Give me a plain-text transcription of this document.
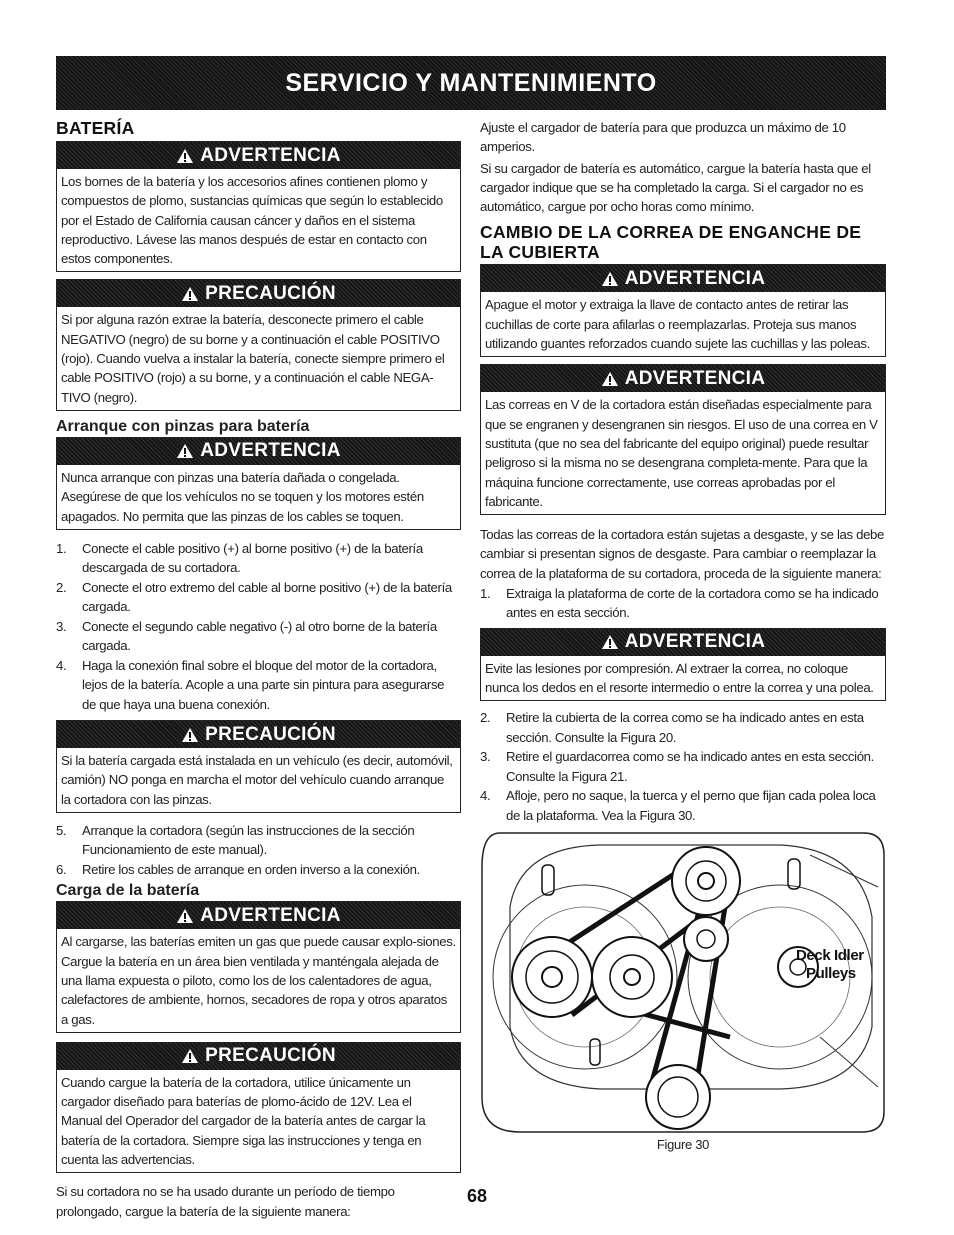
SERVICIO Y MANTENIMIENTO
BATERÍA
ADVERTENCIA
Los bornes de la batería y los accesorios afines contienen plomo y compuestos de plomo, sustancias químicas que según lo establecido por el Estado de California causan cáncer y daños en el sistema reproductivo. Lávese las manos después de estar en contacto con estos componentes.
PRECAUCIÓN
Si por alguna razón extrae la batería, desconecte primero el cable NEGATIVO (negro) de su borne y a continuación el cable POSITIVO (rojo). Cuando vuelva a instalar la batería, conecte siempre primero el cable POSITIVO (rojo) a su borne, y a continuación el cable NEGA-TIVO (negro).
Arranque con pinzas para batería
ADVERTENCIA
Nunca arranque con pinzas una batería dañada o congelada. Asegúrese de que los vehículos no se toquen y los motores estén apagados. No permita que las pinzas de los cables se toquen.
1.	Conecte el cable positivo (+) al borne positivo (+) de la batería descargada de su cortadora.
2.	Conecte el otro extremo del cable al borne positivo (+) de la batería cargada.
3.	Conecte el segundo cable negativo (-) al otro borne de la batería cargada.
4.	Haga la conexión final sobre el bloque del motor de la cortadora, lejos de la batería. Acople a una parte sin pintura para asegurarse de que haya una buena conexión.
PRECAUCIÓN
Si la batería cargada está instalada en un vehículo (es decir, automóvil, camión) NO ponga en marcha el motor del vehículo cuando arranque la cortadora con las pinzas.
5.	Arranque la cortadora (según las instrucciones de la sección Funcionamiento de este manual).
6.	Retire los cables de arranque en orden inverso a la conexión.
Carga de la batería
ADVERTENCIA
Al cargarse, las baterías emiten un gas que puede causar explo-siones. Cargue la batería en un área bien ventilada y manténgala alejada de una llama expuesta o piloto, como los de los calentadores de agua, calefactores de ambiente, hornos, secadores de ropa y otros aparatos a gas.
PRECAUCIÓN
Cuando cargue la batería de la cortadora, utilice únicamente un cargador diseñado para baterías de plomo-ácido de 12V. Lea el Manual del Operador del cargador de la batería antes de cargar la batería de la cortadora. Siempre siga las instrucciones y tenga en cuenta las advertencias.
Si su cortadora no se ha usado durante un período de tiempo prolongado, cargue la batería de la siguiente manera:
Ajuste el cargador de batería para que produzca un máximo de 10 amperios.
Si su cargador de batería es automático, cargue la batería hasta que el cargador indique que se ha completado la carga. Si el cargador no es automático, cargue por ocho horas como mínimo.
CAMBIO DE LA CORREA DE ENGANCHE DE LA CUBIERTA
ADVERTENCIA
Apague el motor y extraiga la llave de contacto antes de retirar las cuchillas de corte para afilarlas o reemplazarlas. Proteja sus manos utilizando guantes reforzados cuando sujete las cuchillas y las poleas.
ADVERTENCIA
Las correas en V de la cortadora están diseñadas especialmente para que se engranen y desengranen sin riesgos. El uso de una correa en V sustituta (que no sea del fabricante del equipo original) puede resultar peligroso si la misma no se desengrana completa-mente. Para que la máquina funcione correctamente, use correas aprobadas por el fabricante.
Todas las correas de la cortadora están sujetas a desgaste, y se las debe cambiar si presentan signos de desgaste. Para cambiar o reemplazar la correa de la plataforma de su cortadora, proceda de la siguiente manera:
1.	Extraiga la plataforma de corte de la cortadora como se ha indicado antes en esta sección.
ADVERTENCIA
Evite las lesiones por compresión. Al extraer la correa, no coloque nunca los dedos en el resorte intermedio o entre la correa y una polea.
2.	Retire la cubierta de la correa como se ha indicado antes en esta sección. Consulte la Figura 20.
3.	Retire el guardacorrea como se ha indicado antes en esta sección. Consulte la Figura 21.
4.	Afloje, pero no saque, la tuerca y el perno que fijan cada polea loca de la plataforma. Vea la Figura 30.
Deck Idler
Pulleys
Figure 30
68
